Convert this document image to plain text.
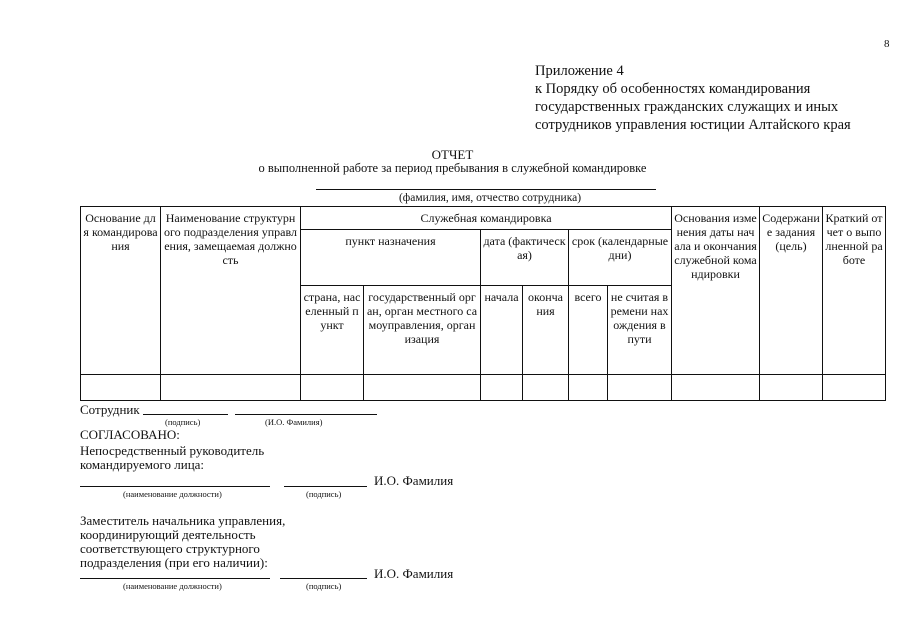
8
Приложение 4
к Порядку об особенностях командирования
государственных гражданских служащих и иных
сотрудников управления юстиции Алтайского края
ОТЧЕТ
о выполненной работе за период пребывания в служебной командировке
(фамилия, имя, отчество сотрудника)
Основание для командирования	Наименование структурного подразделения управления, замещаемая должность	Служебная командировка						Основания изменения даты начала и окончания служебной командировки	Содержание задания (цель)	Краткий отчет о выполненной работе
		пункт назначения		дата (фактическая)		срок (календарные дни)				
		страна, населенный пункт	государственный орган, орган местного самоуправления, организация	начала	окончания	всего	не считая времени нахождения в пути			

Сотрудник
(подпись)	(И.О. Фамилия)
СОГЛАСОВАНО:
Непосредственный руководитель
командируемого лица:
И.О. Фамилия
(наименование должности)	(подпись)
Заместитель начальника управления,
координирующий деятельность
соответствующего структурного
подразделения (при его наличии):
И.О. Фамилия
(наименование должности)	(подпись)
